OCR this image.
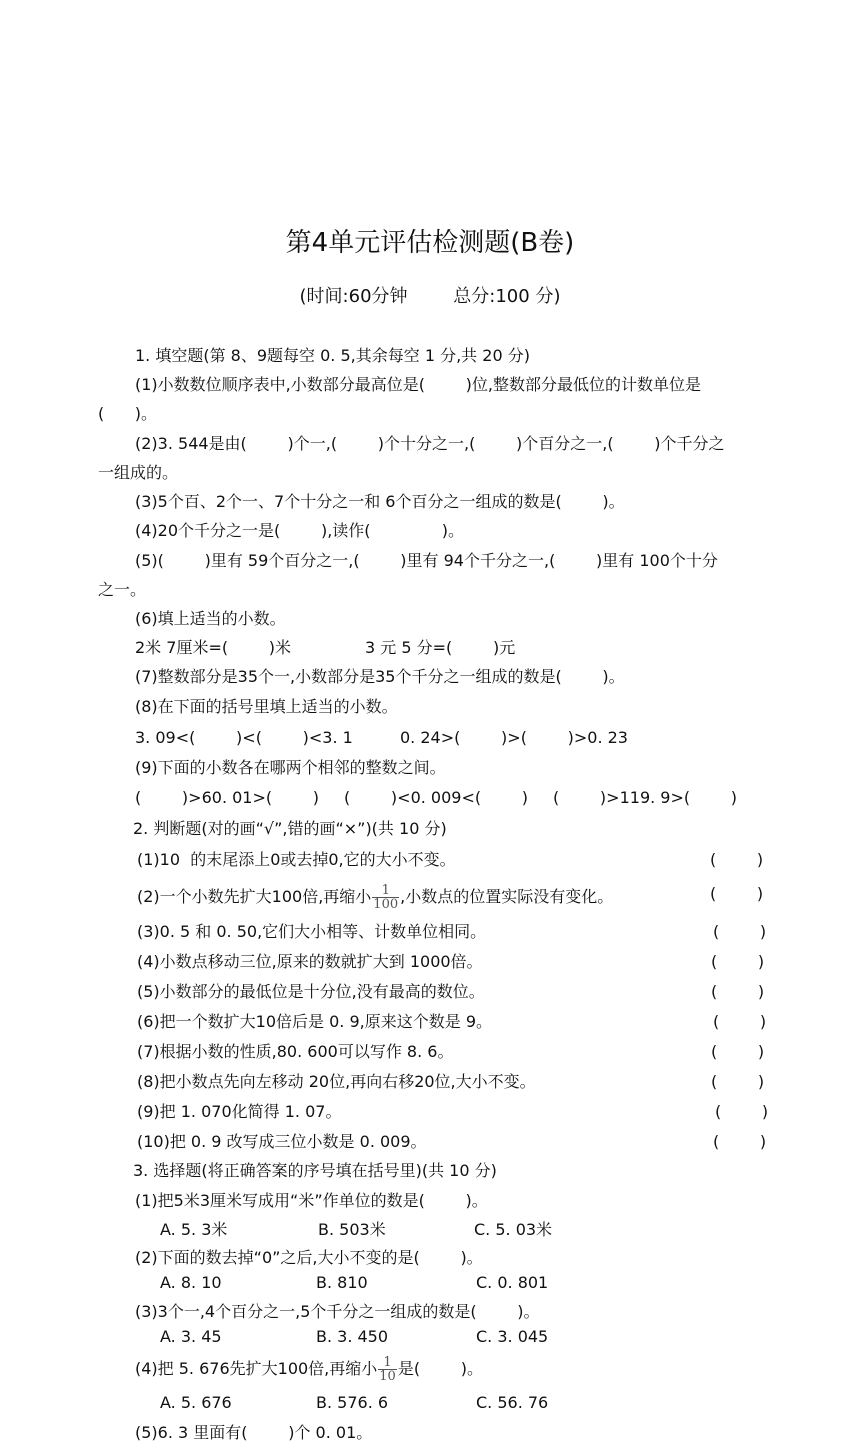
第4单元评估检测题(B卷)
(时间:60分钟        总分:100 分)
1. 填空题(第 8、9题每空 0. 5,其余每空 1 分,共 20 分)
(1)小数数位顺序表中,小数部分最高位是(        )位,整数部分最低位的计数单位是
(      )。
(2)3. 544是由(        )个一,(        )个十分之一,(        )个百分之一,(        )个千分之
一组成的。
(3)5个百、2个一、7个十分之一和 6个百分之一组成的数是(        )。
(4)20个千分之一是(        ),读作(              )。
(5)(        )里有 59个百分之一,(        )里有 94个千分之一,(        )里有 100个十分
之一。
(6)填上适当的小数。
2米 7厘米=(        )米	3 元 5 分=(        )元
(7)整数部分是35个一,小数部分是35个千分之一组成的数是(        )。
(8)在下面的括号里填上适当的小数。
3. 09<(        )<(        )<3. 1	0. 24>(        )>(        )>0. 23
(9)下面的小数各在哪两个相邻的整数之间。
(        )>60. 01>(        ) (        )<0. 009<(        ) (        )>119. 9>(        )
2. 判断题(对的画“√”,错的画“×”)(共 10 分)
(1)10  的末尾添上0或去掉0,它的大小不变。	(        )
(2)一个小数先扩大100倍,再缩小 $\frac{1}{100}$ ,小数点的位置实际没有变化。	(        )
(3)0. 5 和 0. 50,它们大小相等、计数单位相同。	(        )
(4)小数点移动三位,原来的数就扩大到 1000倍。	(        )
(5)小数部分的最低位是十分位,没有最高的数位。	(        )
(6)把一个数扩大10倍后是 0. 9,原来这个数是 9。	(        )
(7)根据小数的性质,80. 600可以写作 8. 6。	(        )
(8)把小数点先向左移动 20位,再向右移20位,大小不变。	(        )
(9)把 1. 070化简得 1. 07。	(        )
(10)把 0. 9 改写成三位小数是 0. 009。	(        )
3. 选择题(将正确答案的序号填在括号里)(共 10 分)
(1)把5米3厘米写成用“米”作单位的数是(        )。
A. 5. 3米	B. 503米	C. 5. 03米
(2)下面的数去掉“0”之后,大小不变的是(        )。
A. 8. 10	B. 810	C. 0. 801
(3)3个一,4个百分之一,5个千分之一组成的数是(        )。
A. 3. 45	B. 3. 450	C. 3. 045
(4)把 5. 676先扩大100倍,再缩小 $\frac{1}{10}$ 是(        )。
A. 5. 676	B. 576. 6	C. 56. 76
(5)6. 3 里面有(        )个 0. 01。
